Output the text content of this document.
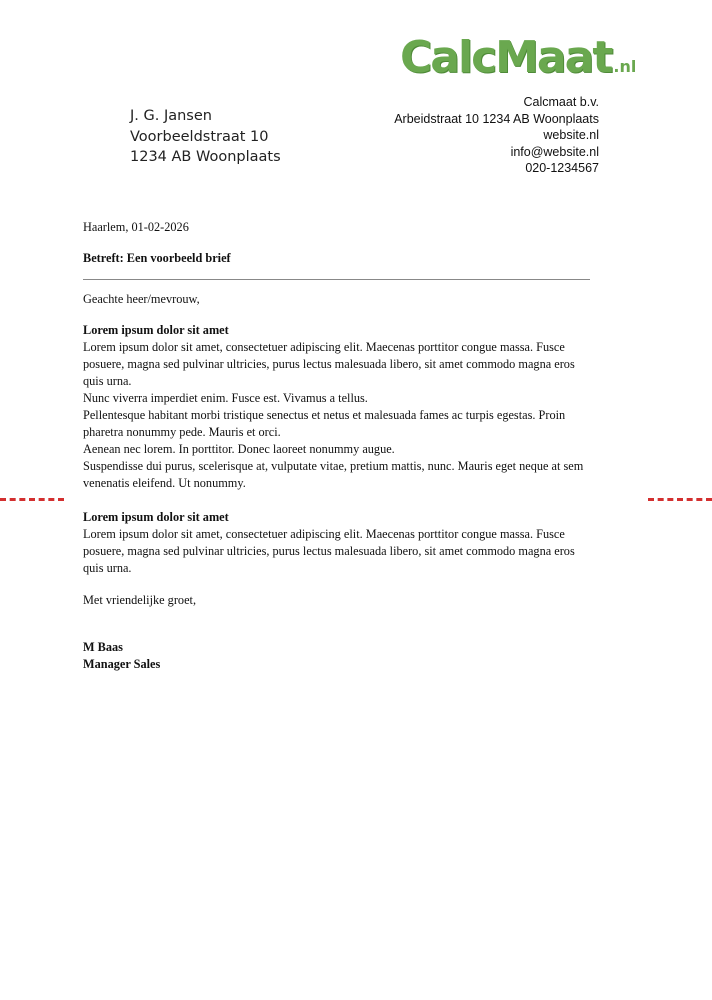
CalcMaat .nl
J. G. Jansen
Voorbeeldstraat 10
1234 AB Woonplaats
Calcmaat b.v.
Arbeidstraat 10 1234 AB Woonplaats
website.nl
info@website.nl
020-1234567

Haarlem, 01-02-2026

Betreft: Een voorbeeld brief

Geachte heer/mevrouw,

Lorem ipsum dolor sit amet

Lorem ipsum dolor sit amet, consectetuer adipiscing elit. Maecenas porttitor congue massa. Fusce posuere, magna sed pulvinar ultricies, purus lectus malesuada libero, sit amet commodo magna eros quis urna.

Nunc viverra imperdiet enim. Fusce est. Vivamus a tellus.

Pellentesque habitant morbi tristique senectus et netus et malesuada fames ac turpis egestas. Proin pharetra nonummy pede. Mauris et orci.

Aenean nec lorem. In porttitor. Donec laoreet nonummy augue.

Suspendisse dui purus, scelerisque at, vulputate vitae, pretium mattis, nunc. Mauris eget neque at sem venenatis eleifend. Ut nonummy.

Lorem ipsum dolor sit amet

Lorem ipsum dolor sit amet, consectetuer adipiscing elit. Maecenas porttitor congue massa. Fusce posuere, magna sed pulvinar ultricies, purus lectus malesuada libero, sit amet commodo magna eros quis urna.

Met vriendelijke groet,
M Baas
Manager Sales
